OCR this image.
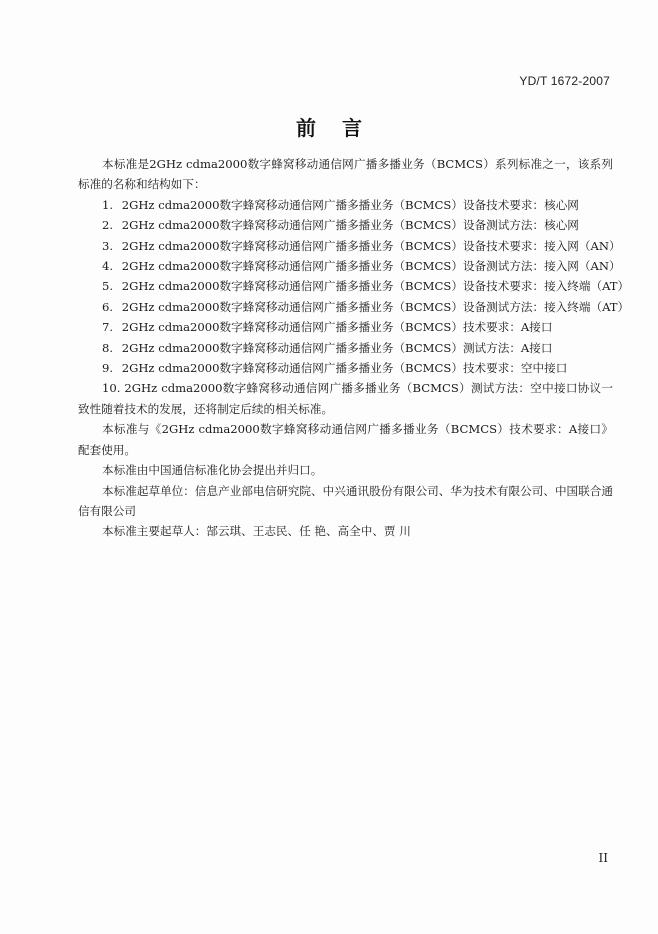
YD/T 1672-2007
前言

本标准是2GHz cdma2000数字蜂窝移动通信网广播多播业务（BCMCS）系列标准之一，该系列标准的名称和结构如下：

1. 2GHz cdma2000数字蜂窝移动通信网广播多播业务（BCMCS）设备技术要求：核心网
2. 2GHz cdma2000数字蜂窝移动通信网广播多播业务（BCMCS）设备测试方法：核心网
3. 2GHz cdma2000数字蜂窝移动通信网广播多播业务（BCMCS）设备技术要求：接入网（AN）
4. 2GHz cdma2000数字蜂窝移动通信网广播多播业务（BCMCS）设备测试方法：接入网（AN）
5. 2GHz cdma2000数字蜂窝移动通信网广播多播业务（BCMCS）设备技术要求：接入终端（AT）
6. 2GHz cdma2000数字蜂窝移动通信网广播多播业务（BCMCS）设备测试方法：接入终端（AT）
7. 2GHz cdma2000数字蜂窝移动通信网广播多播业务（BCMCS）技术要求：A接口
8. 2GHz cdma2000数字蜂窝移动通信网广播多播业务（BCMCS）测试方法：A接口
9. 2GHz cdma2000数字蜂窝移动通信网广播多播业务（BCMCS）技术要求：空中接口
10. 2GHz cdma2000数字蜂窝移动通信网广播多播业务（BCMCS）测试方法：空中接口协议一致性随着技术的发展，还将制定后续的相关标准。

本标准与《2GHz cdma2000数字蜂窝移动通信网广播多播业务（BCMCS）技术要求：A接口》配套使用。

本标准由中国通信标准化协会提出并归口。

本标准起草单位：信息产业部电信研究院、中兴通讯股份有限公司、华为技术有限公司、中国联合通信有限公司

本标准主要起草人：郜云琪、王志民、任 艳、高全中、贾 川

II
